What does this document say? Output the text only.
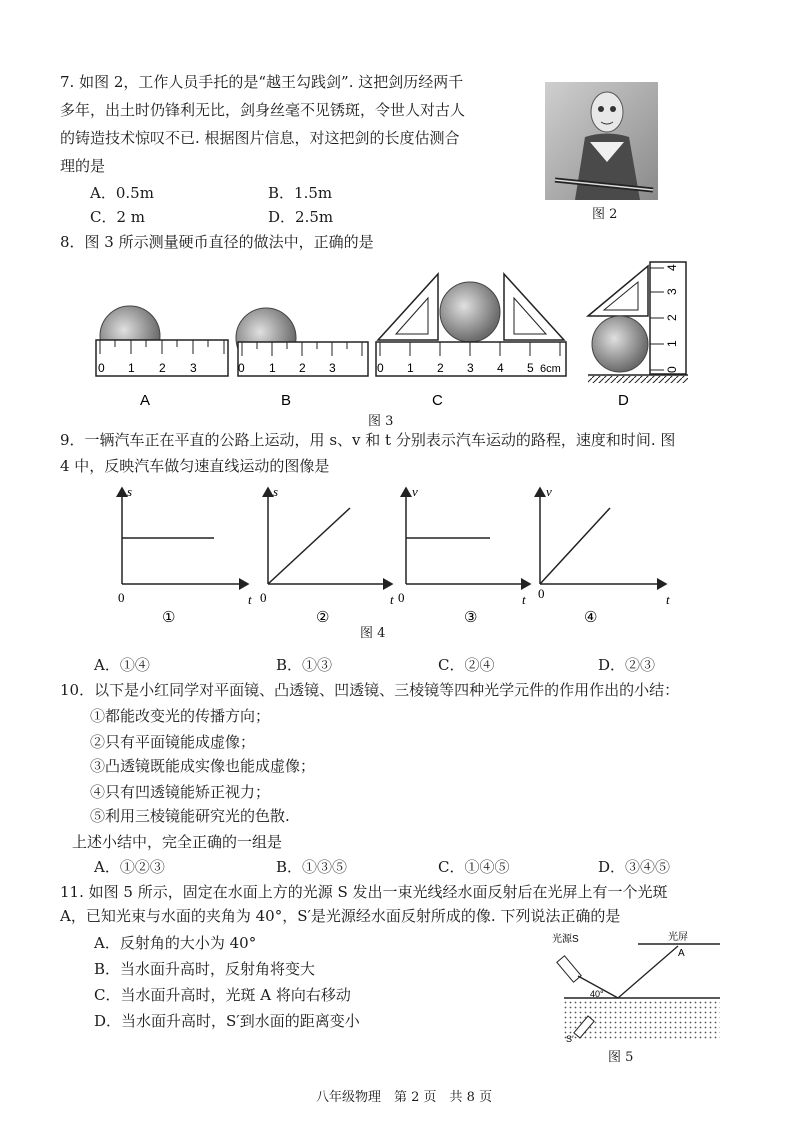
7. 如图 2，工作人员手托的是“越王勾践剑”. 这把剑历经两千
多年，出土时仍锋利无比，剑身丝毫不见锈斑，令世人对古人
的铸造技术惊叹不已. 根据图片信息，对这把剑的长度估测合
理的是
A．0.5m	B．1.5m
C．2 m	D．2.5m	图 2
8．图 3 所示测量硬币直径的做法中，正确的是
0 1 2 3	0 1 2 3	0 1 2 3 4 5 6cm	0
1
2
3
4
A	B	C	D
图 3
9．一辆汽车正在平直的公路上运动，用 s、v 和 t 分别表示汽车运动的路程，速度和时间. 图
4 中，反映汽车做匀速直线运动的图像是
s
t
0
①
s
t
0
②
v
t
0
③
v
t
0
④
图 4
A．①④	B．①③	C．②④	D．②③
10．以下是小红同学对平面镜、凸透镜、凹透镜、三棱镜等四种光学元件的作用作出的小结：
①都能改变光的传播方向；
②只有平面镜能成虚像；
③凸透镜既能成实像也能成虚像；
④只有凹透镜能矫正视力；
⑤利用三棱镜能研究光的色散.
上述小结中，完全正确的一组是
A．①②③	B．①③⑤	C．①④⑤	D．③④⑤
11. 如图 5 所示，固定在水面上方的光源 S 发出一束光线经水面反射后在光屏上有一个光斑
A，已知光束与水面的夹角为 40°，S′是光源经水面反射所成的像. 下列说法正确的是
A．反射角的大小为 40°
B．当水面升高时，反射角将变大
C．当水面升高时，光斑 A 将向右移动
D．当水面升高时，S′到水面的距离变小
光源S	光屏
A
40°
S′
图 5
八年级物理　第 2 页　共 8 页
